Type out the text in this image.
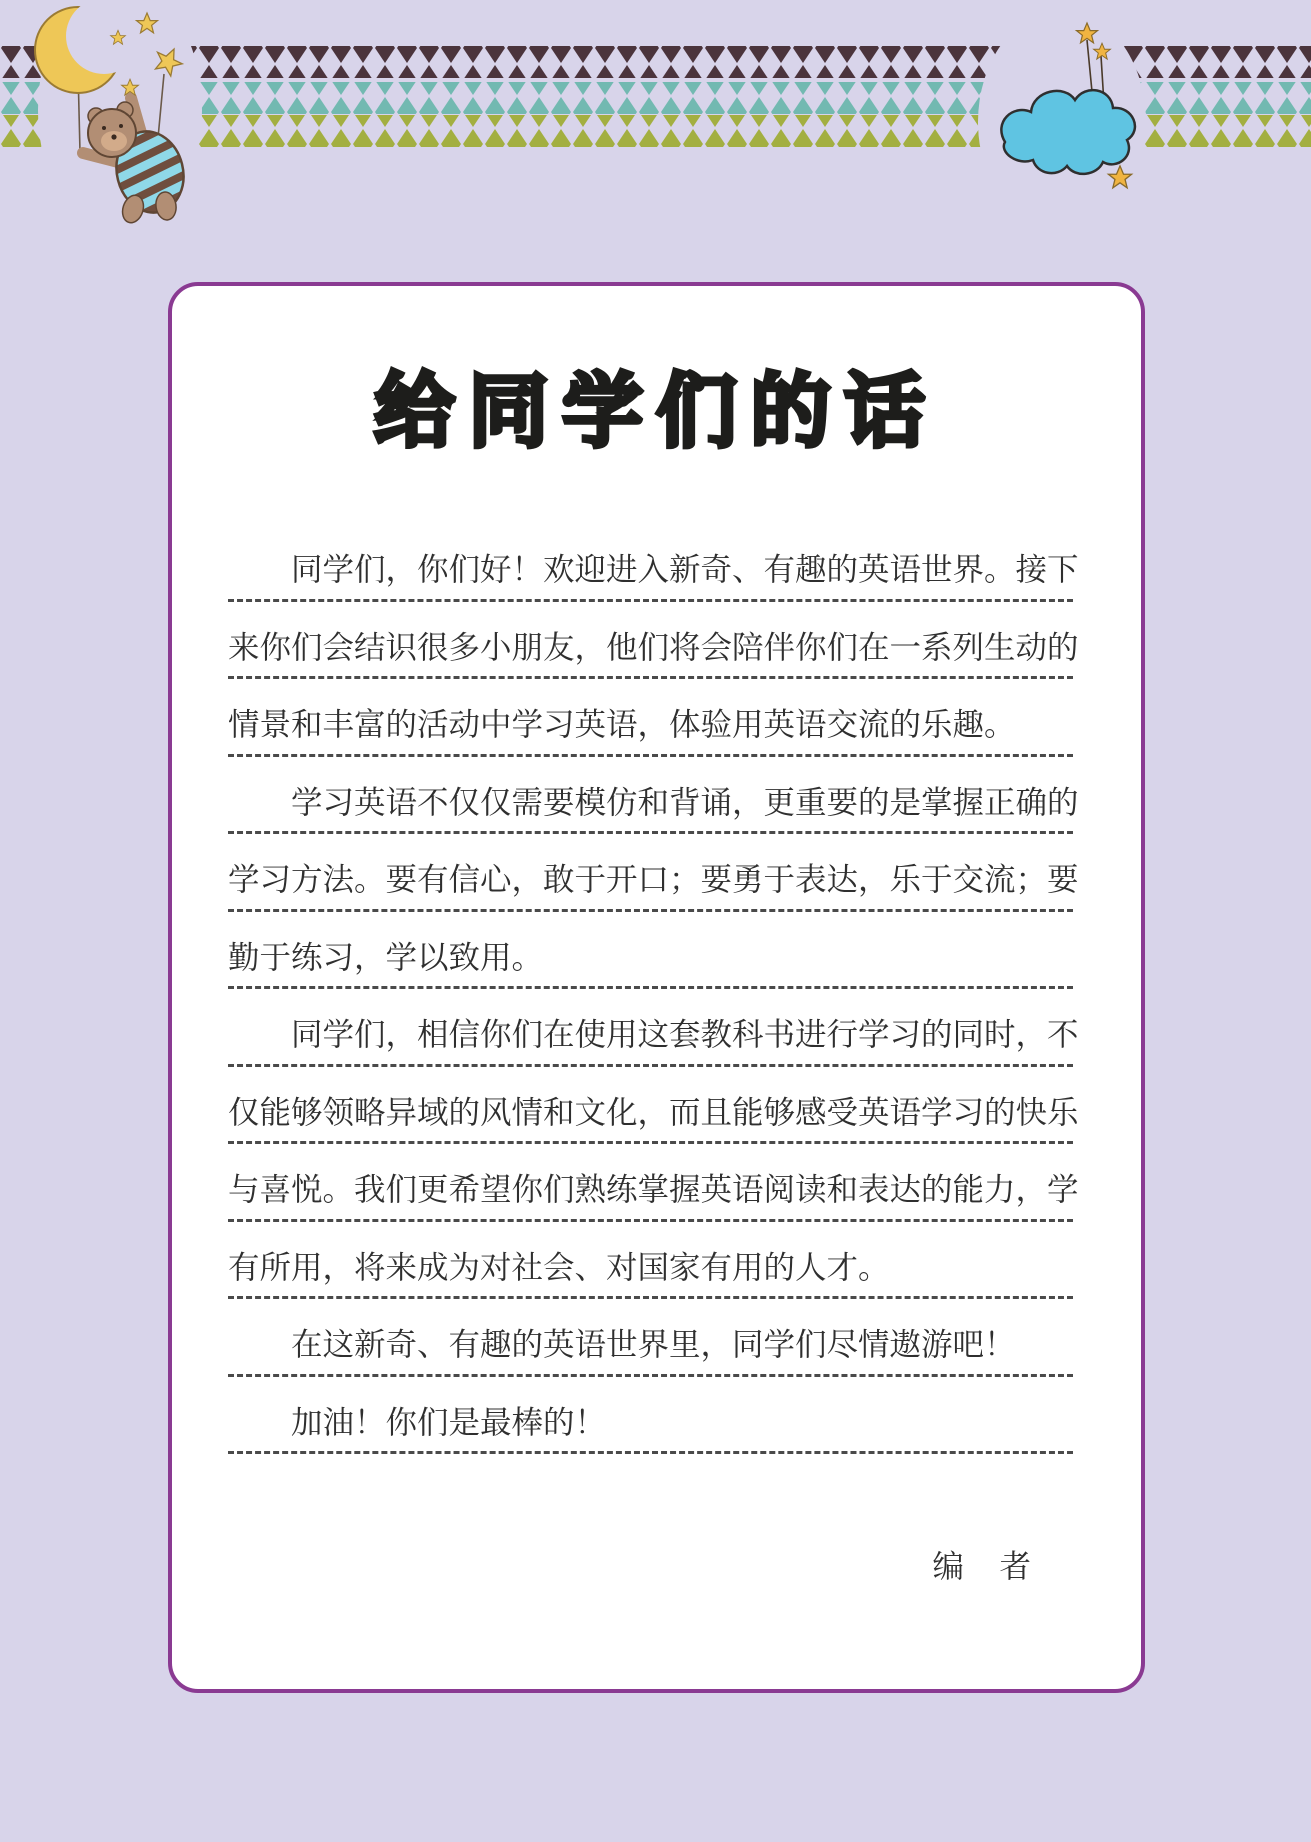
给同学们的话
同学们，你们好！欢迎进入新奇、有趣的英语世界。接下
来你们会结识很多小朋友，他们将会陪伴你们在一系列生动的
情景和丰富的活动中学习英语，体验用英语交流的乐趣。
学习英语不仅仅需要模仿和背诵，更重要的是掌握正确的
学习方法。要有信心，敢于开口；要勇于表达，乐于交流；要
勤于练习，学以致用。
同学们，相信你们在使用这套教科书进行学习的同时，不
仅能够领略异域的风情和文化，而且能够感受英语学习的快乐
与喜悦。我们更希望你们熟练掌握英语阅读和表达的能力，学
有所用，将来成为对社会、对国家有用的人才。
在这新奇、有趣的英语世界里，同学们尽情遨游吧！
加油！你们是最棒的！
编　者
